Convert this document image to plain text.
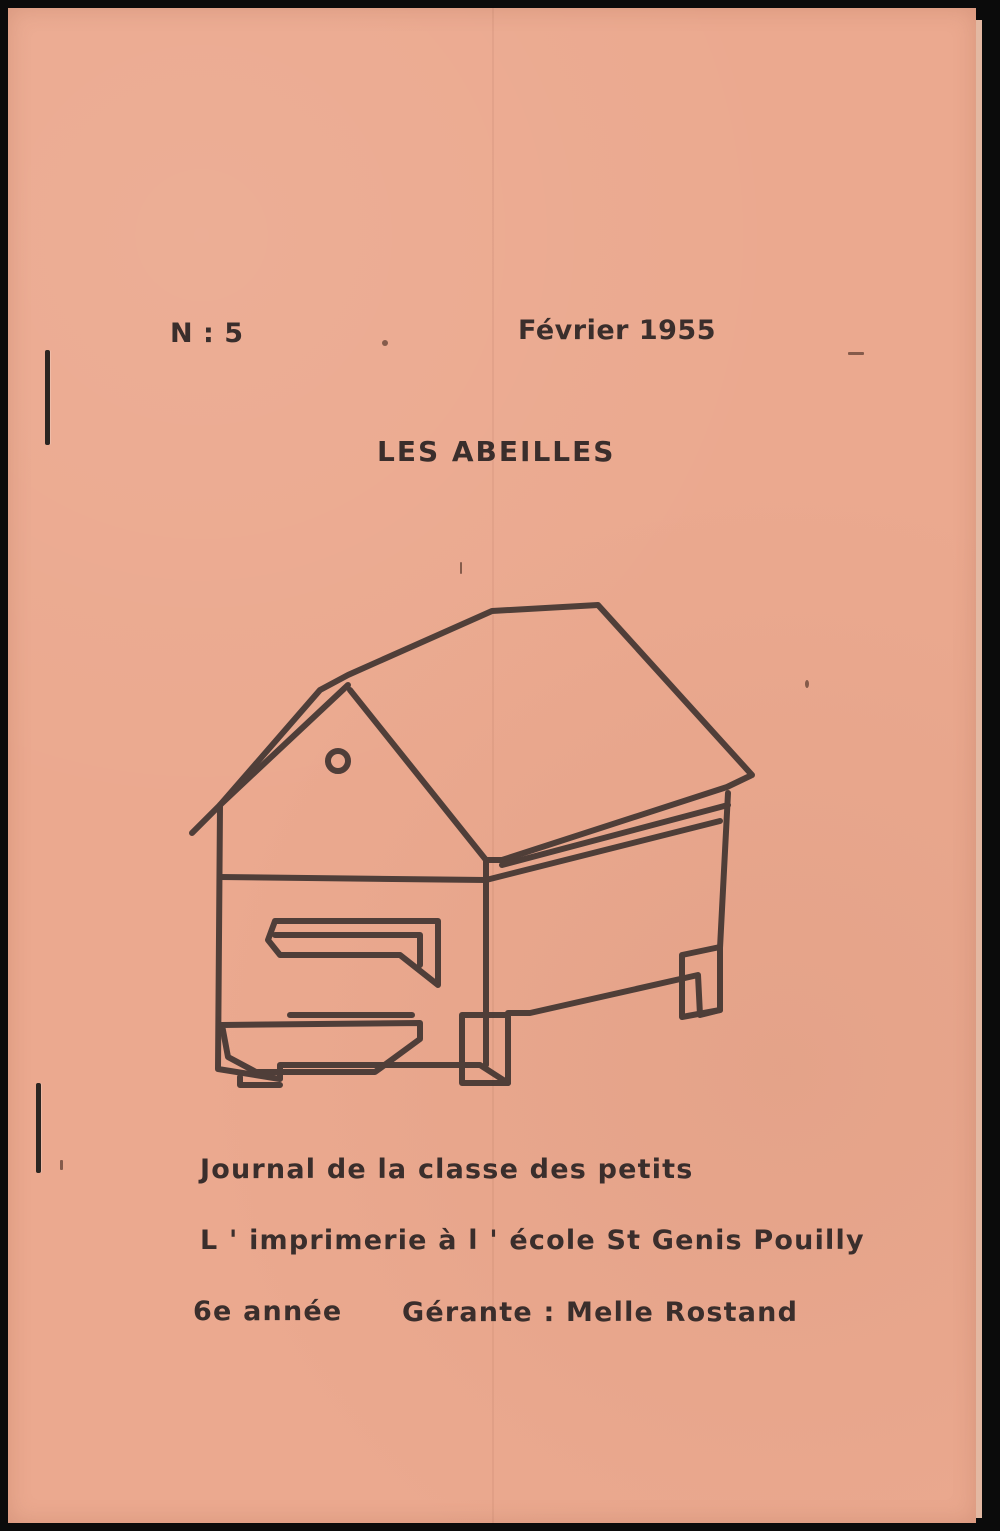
N : 5	Février 1955
LES ABEILLES
Journal de la classe des petits
L ' imprimerie à l ' école St Genis Pouilly
6e année Gérante : Melle Rostand
